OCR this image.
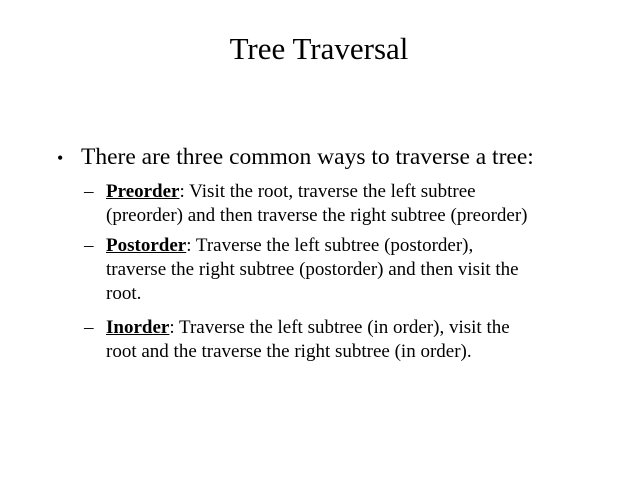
Tree Traversal
• There are three common ways to traverse a tree:
– Preorder: Visit the root, traverse the left subtree
(preorder) and then traverse the right subtree (preorder)
– Postorder: Traverse the left subtree (postorder),
traverse the right subtree (postorder) and then visit the
root.
– Inorder: Traverse the left subtree (in order), visit the
root and the traverse the right subtree (in order).
